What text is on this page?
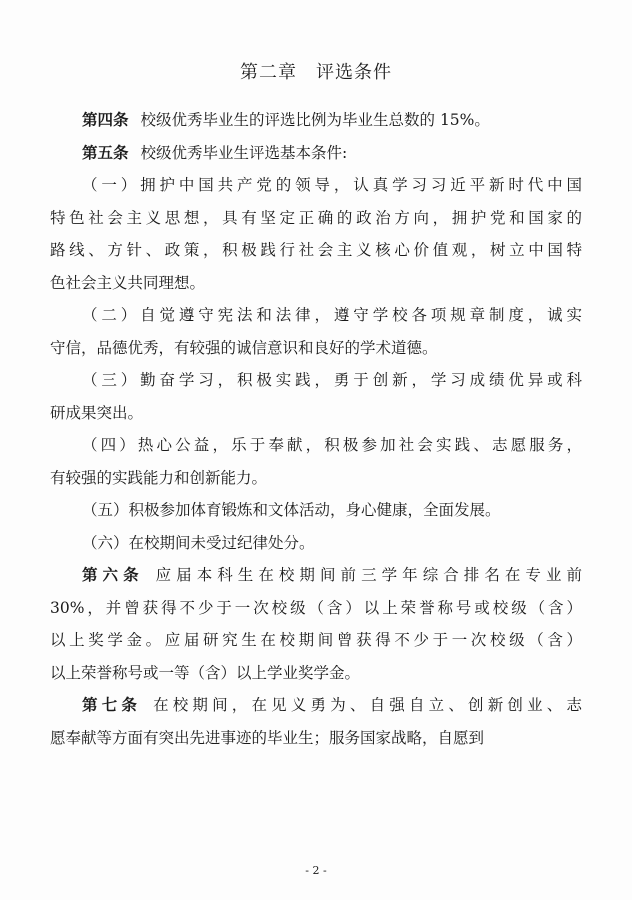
第二章　评选条件
第四条 校级优秀毕业生的评选比例为毕业生总数的 15%。
第五条 校级优秀毕业生评选基本条件:
（一）拥护中国共产党的领导，认真学习习近平新时代中国
特色社会主义思想，具有坚定正确的政治方向，拥护党和国家的
路线、方针、政策，积极践行社会主义核心价值观，树立中国特
色社会主义共同理想。
（二）自觉遵守宪法和法律，遵守学校各项规章制度，诚实
守信，品德优秀，有较强的诚信意识和良好的学术道德。
（三）勤奋学习，积极实践，勇于创新，学习成绩优异或科
研成果突出。
（四）热心公益，乐于奉献，积极参加社会实践、志愿服务，
有较强的实践能力和创新能力。
（五）积极参加体育锻炼和文体活动，身心健康，全面发展。
（六）在校期间未受过纪律处分。
第六条 应届本科生在校期间前三学年综合排名在专业前
30%，并曾获得不少于一次校级（含）以上荣誉称号或校级（含）
以上奖学金。应届研究生在校期间曾获得不少于一次校级（含）
以上荣誉称号或一等（含）以上学业奖学金。
第七条 在校期间，在见义勇为、自强自立、创新创业、志
愿奉献等方面有突出先进事迹的毕业生；服务国家战略，自愿到
- 2 -
